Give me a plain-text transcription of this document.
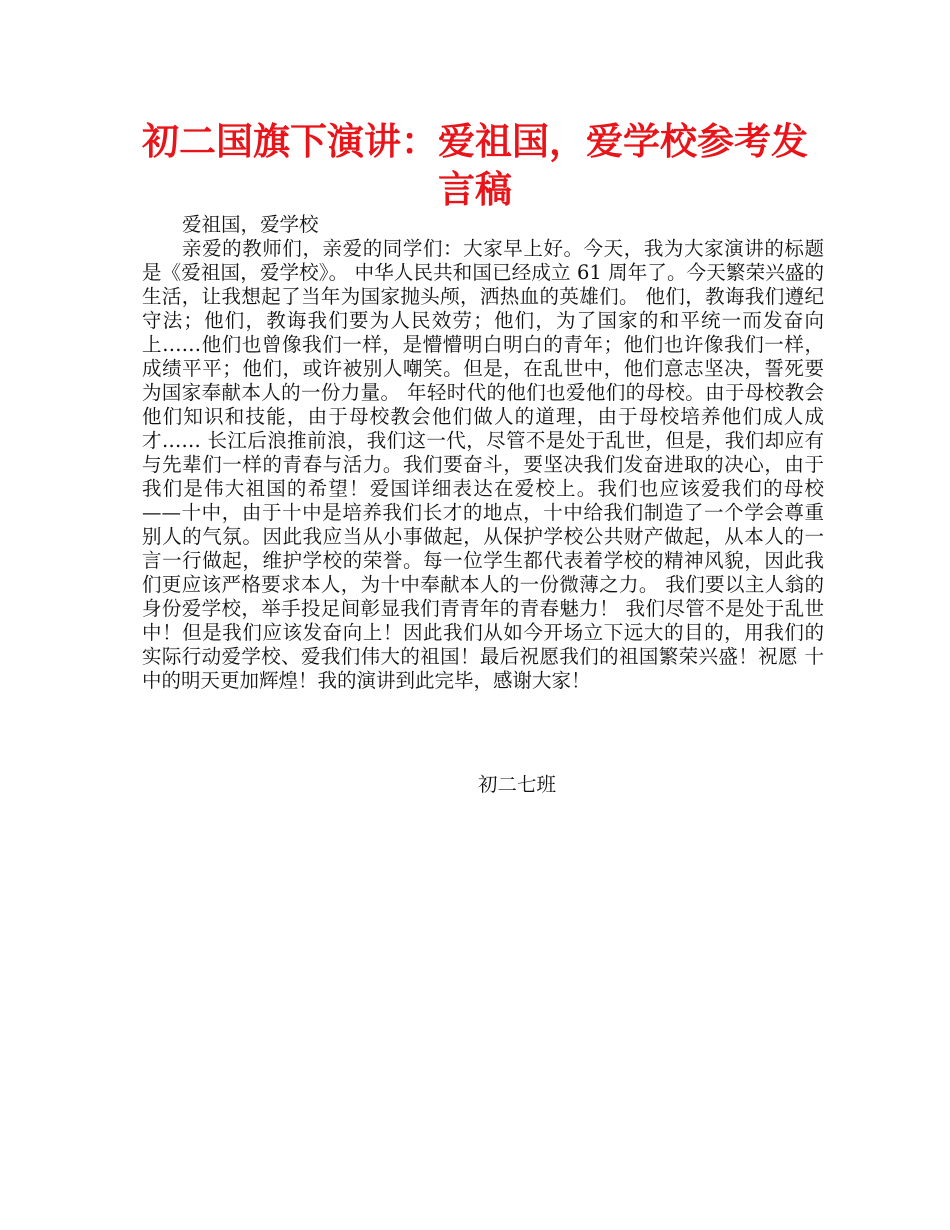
初二国旗下演讲：爱祖国，爱学校参考发言稿

爱祖国，爱学校

亲爱的教师们，亲爱的同学们：大家早上好。今天，我为大家演讲的标题是《爱祖国，爱学校》。 中华人民共和国已经成立 61 周年了。今天繁荣兴盛的生活，让我想起了当年为国家抛头颅，洒热血的英雄们。 他们，教诲我们遵纪守法；他们，教诲我们要为人民效劳；他们，为了国家的和平统一而发奋向上……他们也曾像我们一样，是懵懵明白明白的青年；他们也许像我们一样，成绩平平；他们，或许被别人嘲笑。但是，在乱世中，他们意志坚决，誓死要为国家奉献本人的一份力量。 年轻时代的他们也爱他们的母校。由于母校教会他们知识和技能，由于母校教会他们做人的道理，由于母校培养他们成人成才…… 长江后浪推前浪，我们这一代，尽管不是处于乱世，但是，我们却应有与先辈们一样的青春与活力。我们要奋斗，要坚决我们发奋进取的决心，由于我们是伟大祖国的希望！爱国详细表达在爱校上。我们也应该爱我们的母校——十中，由于十中是培养我们长才的地点，十中给我们制造了一个学会尊重别人的气氛。因此我应当从小事做起，从保护学校公共财产做起，从本人的一言一行做起，维护学校的荣誉。每一位学生都代表着学校的精神风貌，因此我们更应该严格要求本人，为十中奉献本人的一份微薄之力。 我们要以主人翁的身份爱学校，举手投足间彰显我们青青年的青春魅力！ 我们尽管不是处于乱世中！但是我们应该发奋向上！因此我们从如今开场立下远大的目的，用我们的实际行动爱学校、爱我们伟大的祖国！最后祝愿我们的祖国繁荣兴盛！祝愿 十中的明天更加辉煌！我的演讲到此完毕，感谢大家！

初二七班
